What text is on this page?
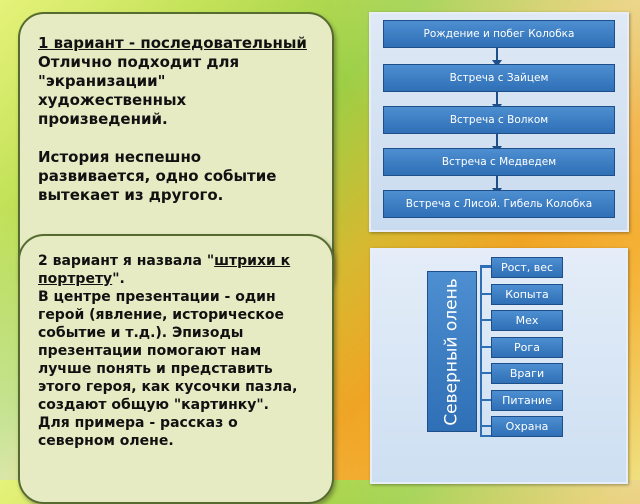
1 вариант - последовательный
Отлично подходит для "экранизации" художественных произведений.
История неспешно развивается, одно событие вытекает из другого.
Рождение и побег Колобка
Встреча с Зайцем
Встреча с Волком
Встреча с Медведем
Встреча с Лисой. Гибель Колобка
2 вариант я назвала "штрихи к портрету".
В центре презентации - один герой (явление, историческое событие и т.д.). Эпизоды презентации помогают нам лучше понять и представить этого героя, как кусочки пазла, создают общую "картинку".
Для примера - рассказ о северном олене.
Северный олень
Рост, вес
Копыта
Мех
Рога
Враги
Питание
Охрана
